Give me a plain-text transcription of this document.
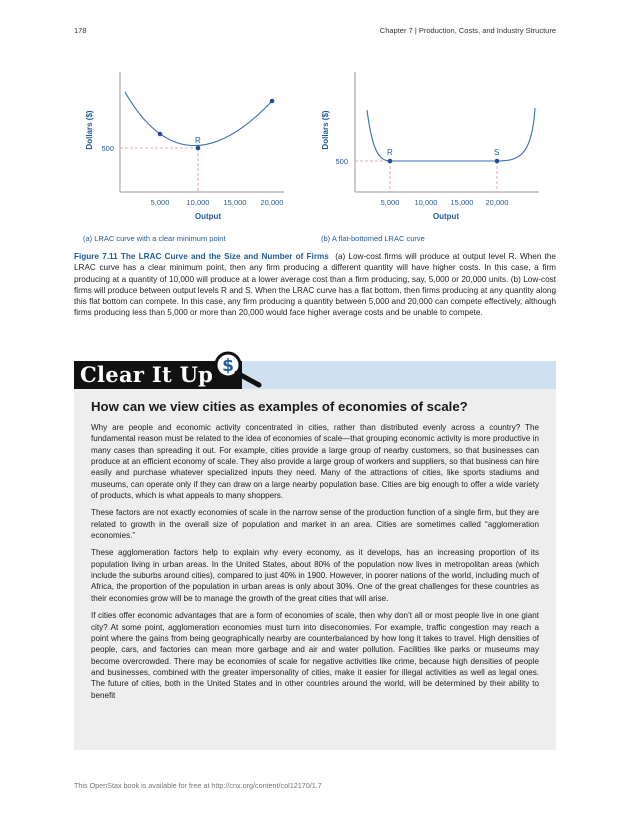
178	Chapter 7 | Production, Costs, and Industry Structure
Dollars ($)	R
500
5,000 10,000 15,000 20,000
Output
Dollars ($)
R	S
500
5,000 10,000 15,000 20,000
Output
(a) LRAC curve with a clear minimum point	(b) A flat-bottomed LRAC curve
Figure 7.11 The LRAC Curve and the Size and Number of Firms (a) Low-cost firms will produce at output level R. When the LRAC curve has a clear minimum point, then any firm producing a different quantity will have higher costs. In this case, a firm producing at a quantity of 10,000 will produce at a lower average cost than a firm producing, say, 5,000 or 20,000 units. (b) Low-cost firms will produce between output levels R and S. When the LRAC curve has a flat bottom, then firms producing at any quantity along this flat bottom can compete. In this case, any firm producing a quantity between 5,000 and 20,000 can compete effectively, although firms producing less than 5,000 or more than 20,000 would face higher average costs and be unable to compete.
Clear It Up $
How can we view cities as examples of economies of scale?

Why are people and economic activity concentrated in cities, rather than distributed evenly across a country? The fundamental reason must be related to the idea of economies of scale—that grouping economic activity is more productive in many cases than spreading it out. For example, cities provide a large group of nearby customers, so that businesses can produce at an efficient economy of scale. They also provide a large group of workers and suppliers, so that business can hire easily and purchase whatever specialized inputs they need. Many of the attractions of cities, like sports stadiums and museums, can operate only if they can draw on a large nearby population base. Cities are big enough to offer a wide variety of products, which is what appeals to many shoppers.

These factors are not exactly economies of scale in the narrow sense of the production function of a single firm, but they are related to growth in the overall size of population and market in an area. Cities are sometimes called “agglomeration economies.”

These agglomeration factors help to explain why every economy, as it develops, has an increasing proportion of its population living in urban areas. In the United States, about 80% of the population now lives in metropolitan areas (which include the suburbs around cities), compared to just 40% in 1900. However, in poorer nations of the world, including much of Africa, the proportion of the population in urban areas is only about 30%. One of the great challenges for these countries as their economies grow will be to manage the growth of the great cities that will arise.

If cities offer economic advantages that are a form of economies of scale, then why don’t all or most people live in one giant city? At some point, agglomeration economies must turn into diseconomies. For example, traffic congestion may reach a point where the gains from being geographically nearby are counterbalanced by how long it takes to travel. High densities of people, cars, and factories can mean more garbage and air and water pollution. Facilities like parks or museums may become overcrowded. There may be economies of scale for negative activities like crime, because high densities of people and businesses, combined with the greater impersonality of cities, make it easier for illegal activities as well as legal ones. The future of cities, both in the United States and in other countries around the world, will be determined by their ability to benefit

This OpenStax book is available for free at http://cnx.org/content/col12170/1.7
